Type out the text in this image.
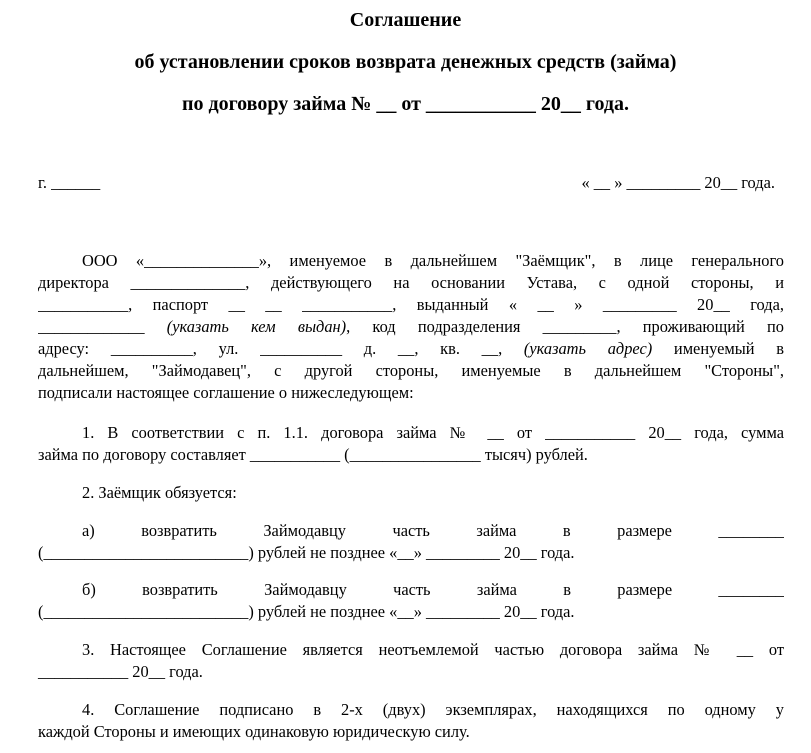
Соглашение
об установлении сроков возврата денежных средств (займа)
по договору займа № __ от ___________ 20__ года.
г. ______	« __ » _________ 20__ года.
ООО «______________», именуемое в дальнейшем "Заёмщик", в лице генерального
директора ______________, действующего на основании Устава, с одной стороны, и
___________, паспорт __ __ ___________, выданный « __ » _________ 20__ года,
_____________ (указать кем выдан), код подразделения _________, проживающий по
адресу: __________, ул. __________ д. __, кв. __, (указать адрес) именуемый в
дальнейшем, "Займодавец", с другой стороны, именуемые в дальнейшем "Стороны",
подписали настоящее соглашение о нижеследующем:
1. В соответствии с п. 1.1. договора займа № __ от ___________ 20__ года, сумма
займа по договору составляет ___________ (________________ тысяч) рублей.
2. Заёмщик обязуется:
а) возвратить Займодавцу часть займа в размере ________
(_________________________) рублей не позднее «__» _________ 20__ года.
б) возвратить Займодавцу часть займа в размере ________
(_________________________) рублей не позднее «__» _________ 20__ года.
3. Настоящее Соглашение является неотъемлемой частью договора займа № __ от
___________ 20__ года.
4. Соглашение подписано в 2-х (двух) экземплярах, находящихся по одному у
каждой Стороны и имеющих одинаковую юридическую силу.
